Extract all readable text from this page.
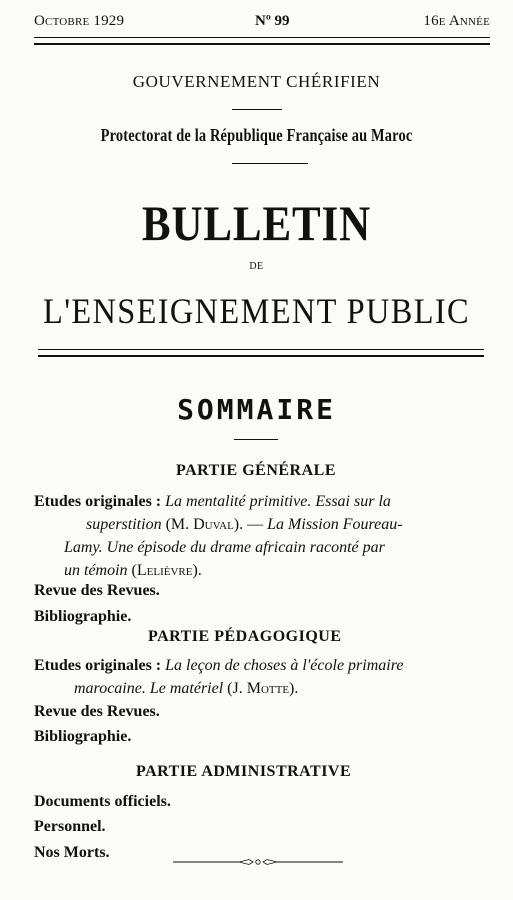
Octobre 1929	Nº 99	16e Année
GOUVERNEMENT CHÉRIFIEN
Protectorat de la République Française au Maroc
BULLETIN
DE
L'ENSEIGNEMENT PUBLIC
SOMMAIRE
PARTIE GÉNÉRALE
Etudes originales : La mentalité primitive. Essai sur la
superstition (M. Duval). — La Mission Foureau-
Lamy. Une épisode du drame africain raconté par
un témoin (Lelièvre).
Revue des Revues.
Bibliographie.
PARTIE PÉDAGOGIQUE
Etudes originales : La leçon de choses à l'école primaire
marocaine. Le matériel (J. Motte).
Revue des Revues.
Bibliographie.
PARTIE ADMINISTRATIVE
Documents officiels.
Personnel.
Nos Morts.
